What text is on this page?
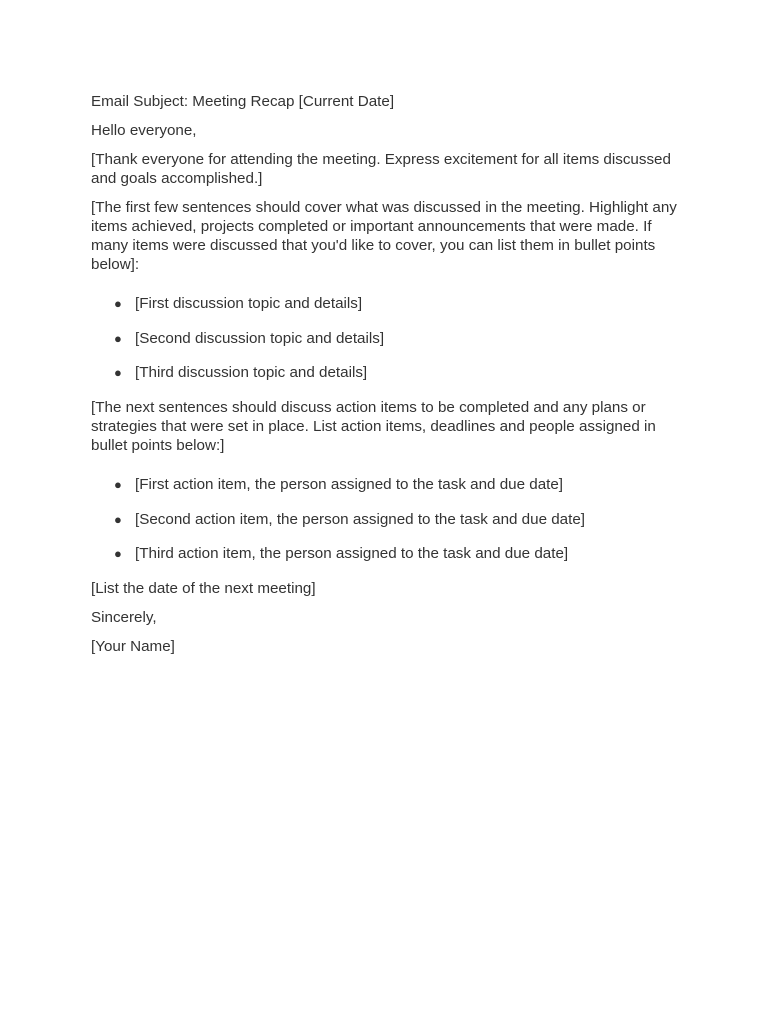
Email Subject: Meeting Recap [Current Date]

Hello everyone,

[Thank everyone for attending the meeting. Express excitement for all items discussed and goals accomplished.]

[The first few sentences should cover what was discussed in the meeting. Highlight any items achieved, projects completed or important announcements that were made. If many items were discussed that you'd like to cover, you can list them in bullet points below]:

● [First discussion topic and details]
● [Second discussion topic and details]
● [Third discussion topic and details]

[The next sentences should discuss action items to be completed and any plans or strategies that were set in place. List action items, deadlines and people assigned in bullet points below:]

● [First action item, the person assigned to the task and due date]
● [Second action item, the person assigned to the task and due date]
● [Third action item, the person assigned to the task and due date]

[List the date of the next meeting]

Sincerely,

[Your Name]
